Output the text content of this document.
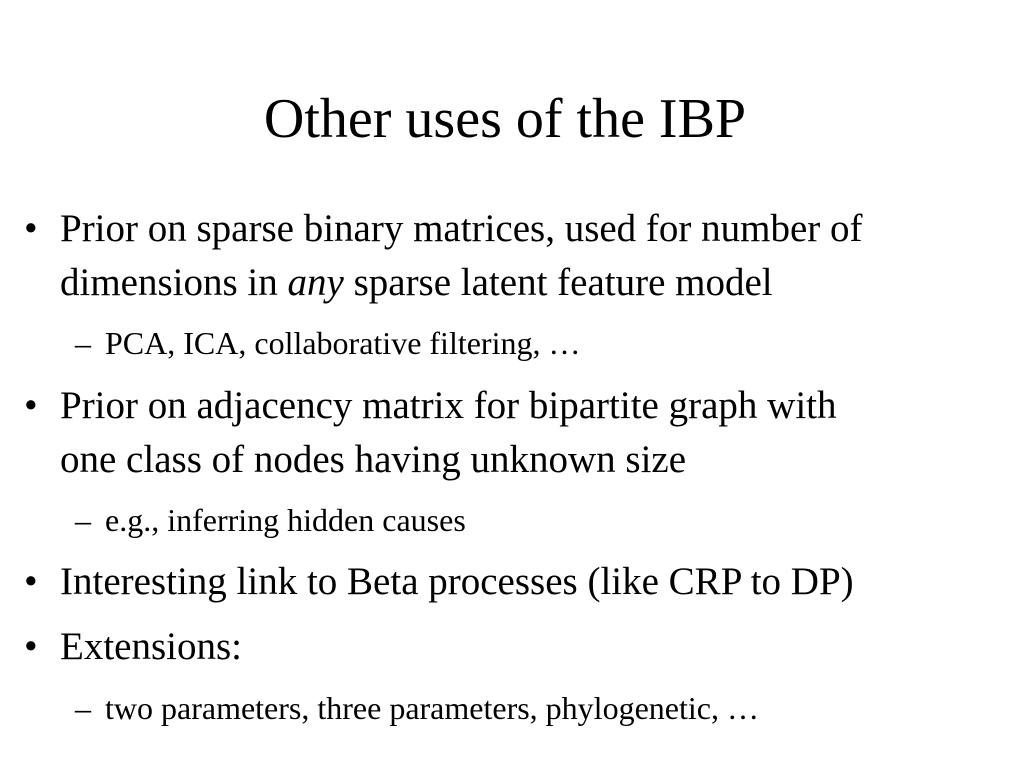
Other uses of the IBP
• Prior on sparse binary matrices, used for number of
dimensions in any sparse latent feature model
– PCA, ICA, collaborative filtering, …
• Prior on adjacency matrix for bipartite graph with
one class of nodes having unknown size
– e.g., inferring hidden causes
• Interesting link to Beta processes (like CRP to DP)
• Extensions:
– two parameters, three parameters, phylogenetic, …
